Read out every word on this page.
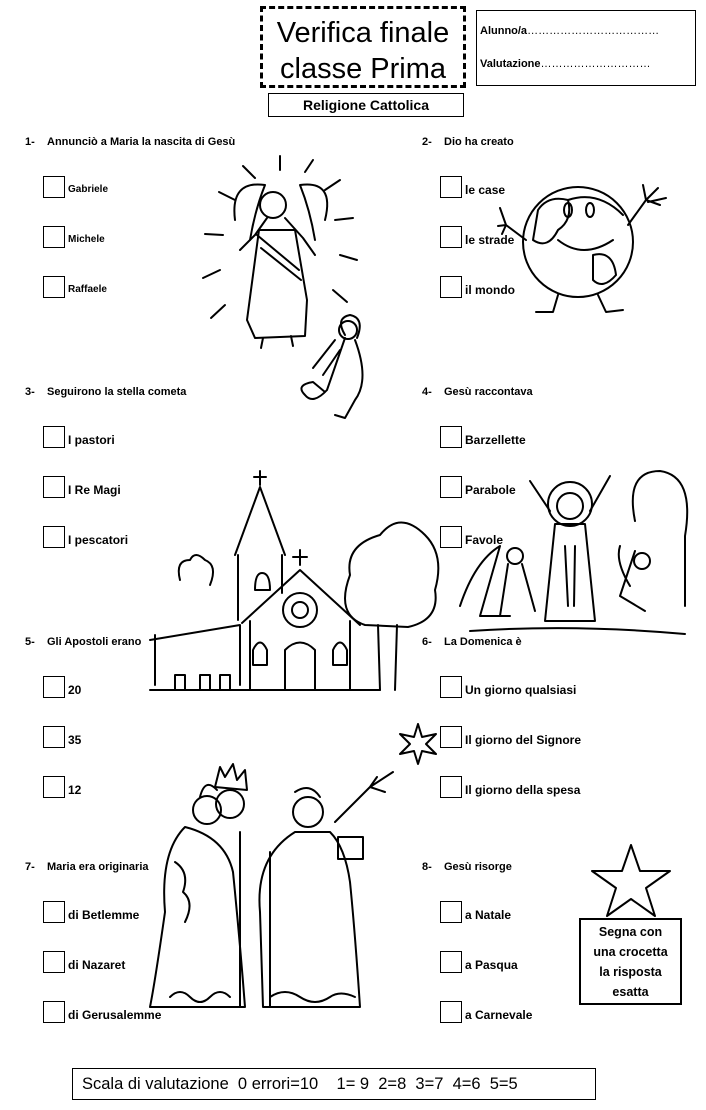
Verifica finale
classe Prima
Alunno/a………………………………
Valutazione…………………………
Religione Cattolica
1- Annunciò a Maria la nascita di Gesù
Gabriele
Michele
Raffaele
2- Dio ha creato
le case
le strade
il mondo
3- Seguirono la stella cometa
I pastori
I Re Magi
I pescatori
4- Gesù raccontava
Barzellette
Parabole
Favole
5- Gli Apostoli erano
20
35
12
6- La Domenica è
Un giorno qualsiasi
Il giorno del Signore
Il giorno della spesa
7- Maria era originaria
di Betlemme
di Nazaret
di Gerusalemme
8- Gesù risorge
a Natale
a Pasqua
a Carnevale
Segna con
una crocetta
la risposta
esatta
Scala di valutazione  0 errori=10    1= 9  2=8  3=7  4=6  5=5
